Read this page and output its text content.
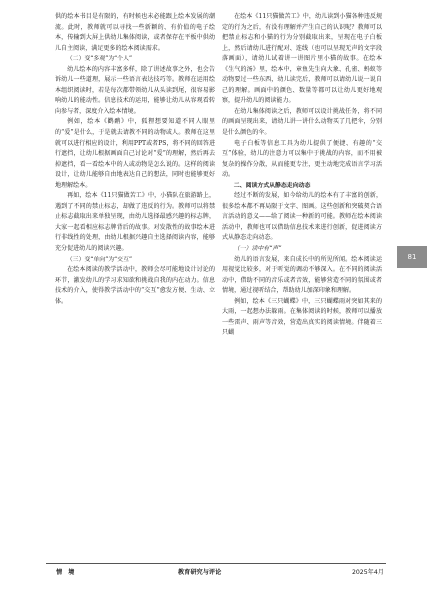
供的绘本书目是有限的，有时候也未必能跟上绘本发展的潮流。此时，教师就可以寻找一些新颖的、有价值的电子绘本，传输到大屏上供幼儿集体阅读，或者保存在平板中供幼儿自主阅读，满足更多的绘本阅读需求。

（二）变“多观”为“个人”

幼儿绘本的内容丰富多样，除了讲述故事之外，也会告诉幼儿一些道理，展示一些语言表达技巧等。教师在运用绘本组织阅读时，若是每次都带领幼儿从头读到尾，很容易影响幼儿的能动性。信息技术的运用，能够让幼儿从容观看转向参与者，深度介入绘本情境。

例如，绘本《鹳鹬》中，狐狸想要知道不同人眼里的“爱”是什么，于是就去请教不同的动物或人。教师在这里就可以进行相应的设计，利用PPT或者PS，将不同的回答进行遮挡，让幼儿根据画面自己讨论对“爱”的理解，然后再去掉遮挡，看一看绘本中的人或动物是怎么说的。这样的阅读设计，让幼儿能够自由地表达自己的想法，同时也能够更好地理解绘本。

再如，绘本《11只猫做苦工》中，小猫队在旅游路上，遇到了不同的禁止标志，却做了违反的行为。教师可以将禁止标志截取出来单独呈现，由幼儿选择最感兴趣的标志牌，大家一起看相应标志牌背后的故事。对发散性的故事绘本进行非线性的处理，由幼儿根据兴趣自主选择阅读内容，能够充分促进幼儿的阅读兴趣。

（三）变“单向”为“交互”

在绘本阅读的教学活动中，教师会尽可能地设计讨论的环节，激发幼儿的学习求知欲和挑战自我的内在动力。信息技术的介入，使得教学活动中的“交互”愈发方便、生动、立体。

在绘本《11只猫做苦工》中，幼儿读到小猫各种违反规定的行为之后，有没有理解并产生自己的认识呢？教师可以把禁止标志和小猫的行为分别截取出来，呈现在电子白板上，然后请幼儿进行配对、连线（也可以呈现无声的文字段落画面），请幼儿试着讲一讲图片里小猫的故事。在绘本《生气的汤》里，绘本中，章鱼先生向大象、孔雀、蚂蚁等动物要过一些东西，幼儿读完后，教师可以请幼儿说一说自己的理解。画面中的颜色、数量等都可以让幼儿更好地观察，提升幼儿的阅读能力。

在幼儿集体阅读之后，教师可以设计挑战任务，将不同的画面呈现出来，请幼儿讲一讲什么动物买了几把伞，分别是什么颜色的伞。

电子白板等信息工具为幼儿提供了便捷、有趣的“交互”体验，幼儿的注意力可以集中于挑战的内容，而不用被复杂的操作分散，从而能更专注，更主动地完成语言学习活动。

二、阅读方式从静态走向动态

经过不断的发展，如今给幼儿的绘本有了丰富的创新，很多绘本都不再局限于文字、图画。这些创新和突破契合语言活动的意义——给了阅读一种新的可能。教师在绘本阅读活动中，教师也可以借助信息技术来进行创新，促进阅读方式从静态走向动态。

（一）读中有“声”

幼儿的语言发展，来自成长中的所见所闻。绘本阅读运用视觉比较多，对于听觉的调动不够深入。在不同的阅读活动中，借助不同的音乐或者音效，能够营造不同的氛围或者情境，通过视听结合，帮助幼儿加深印象和理解。

例如，绘本《三只蝴蝶》中，三只蝴蝶雨对突如其来的大雨，一起想办法躲雨。在集体阅读的时候，教师可以播放一些雷声、雨声等音效，营造出真实的阅读情境。伴随着三只蝴

81
情境	教育研究与评论	2025年4月
